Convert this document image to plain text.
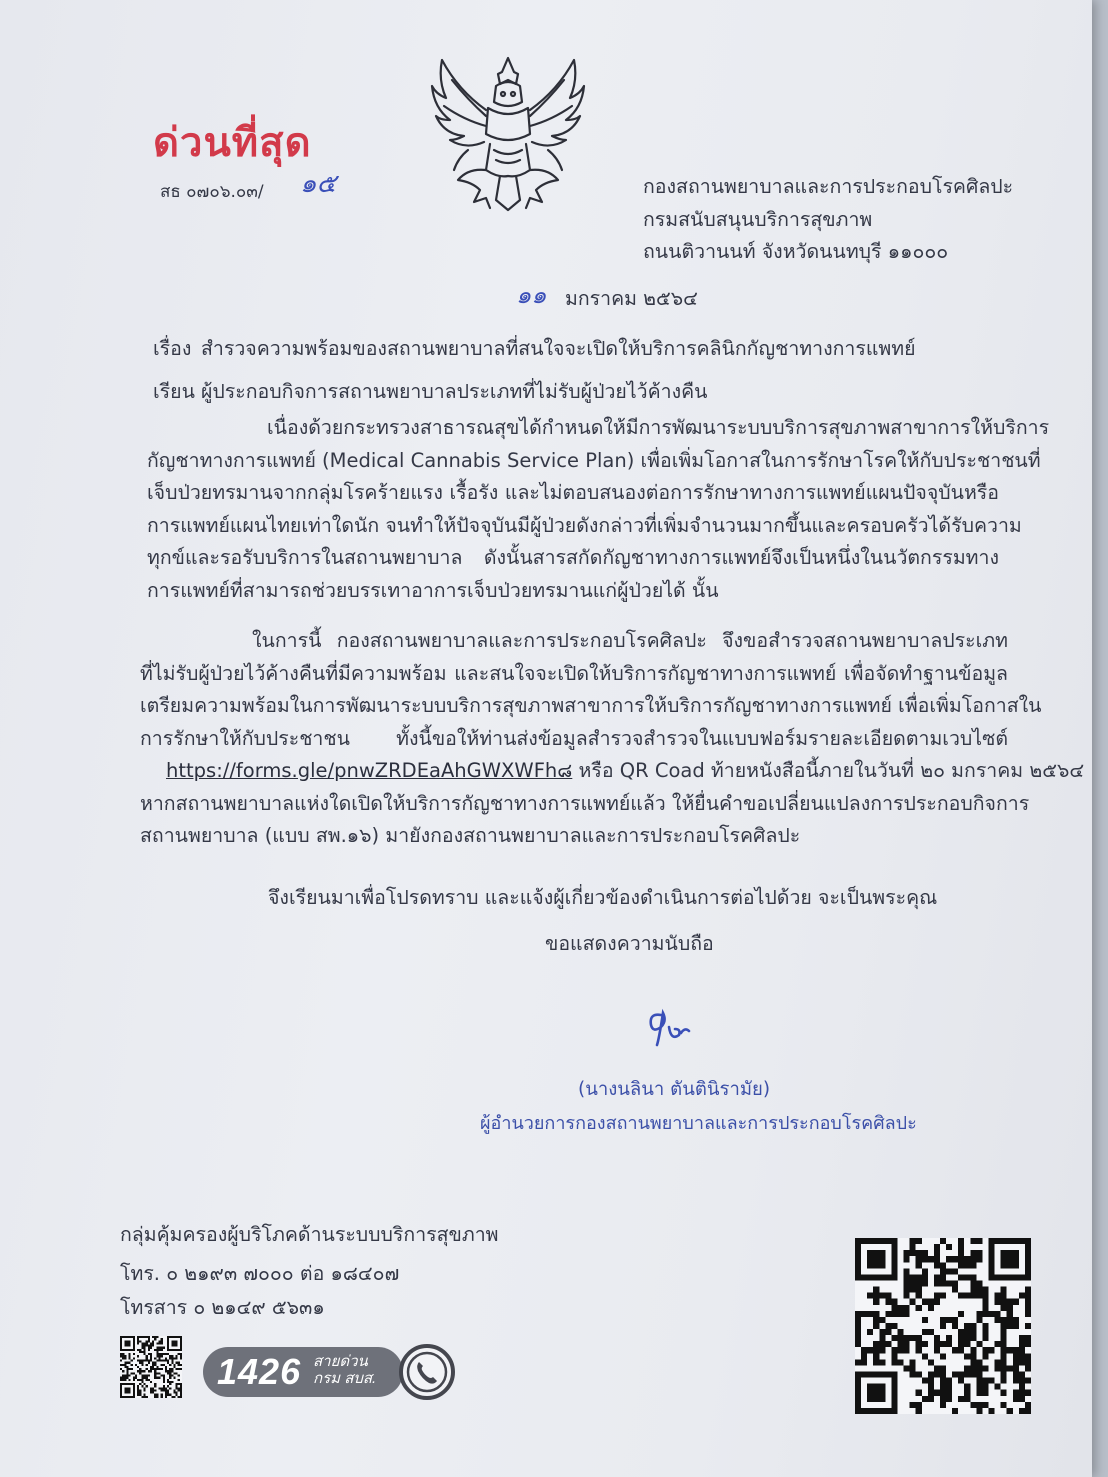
ด่วนที่สุด
สธ ๐๗๐๖.๐๓/ ๑๕	กองสถานพยาบาลและการประกอบโรคศิลปะ
กรมสนับสนุนบริการสุขภาพ
ถนนติวานนท์ จังหวัดนนทบุรี ๑๑๐๐๐
๑๑ มกราคม ๒๕๖๔
เรื่อง สำรวจความพร้อมของสถานพยาบาลที่สนใจจะเปิดให้บริการคลินิกกัญชาทางการแพทย์
เรียน ผู้ประกอบกิจการสถานพยาบาลประเภทที่ไม่รับผู้ป่วยไว้ค้างคืน
เนื่องด้วยกระทรวงสาธารณสุขได้กำหนดให้มีการพัฒนาระบบบริการสุขภาพสาขาการให้บริการ
กัญชาทางการแพทย์ (Medical Cannabis Service Plan) เพื่อเพิ่มโอกาสในการรักษาโรคให้กับประชาชนที่
เจ็บป่วยทรมานจากกลุ่มโรคร้ายแรง เรื้อรัง และไม่ตอบสนองต่อการรักษาทางการแพทย์แผนปัจจุบันหรือ
การแพทย์แผนไทยเท่าใดนัก จนทำให้ปัจจุบันมีผู้ป่วยดังกล่าวที่เพิ่มจำนวนมากขึ้นและครอบครัวได้รับความ
ทุกข์และรอรับบริการในสถานพยาบาล ดังนั้นสารสกัดกัญชาทางการแพทย์จึงเป็นหนึ่งในนวัตกรรมทาง
การแพทย์ที่สามารถช่วยบรรเทาอาการเจ็บป่วยทรมานแก่ผู้ป่วยได้ นั้น
ในการนี้ กองสถานพยาบาลและการประกอบโรคศิลปะ จึงขอสำรวจสถานพยาบาลประเภท
ที่ไม่รับผู้ป่วยไว้ค้างคืนที่มีความพร้อม และสนใจจะเปิดให้บริการกัญชาทางการแพทย์ เพื่อจัดทำฐานข้อมูล
เตรียมความพร้อมในการพัฒนาระบบบริการสุขภาพสาขาการให้บริการกัญชาทางการแพทย์ เพื่อเพิ่มโอกาสใน
การรักษาให้กับประชาชน ทั้งนี้ขอให้ท่านส่งข้อมูลสำรวจสำรวจในแบบฟอร์มรายละเอียดตามเวบไซต์
https://forms.gle/pnwZRDEaAhGWXWFh๘ หรือ QR Coad ท้ายหนังสือนี้ภายในวันที่ ๒๐ มกราคม ๒๕๖๔
หากสถานพยาบาลแห่งใดเปิดให้บริการกัญชาทางการแพทย์แล้ว ให้ยื่นคำขอเปลี่ยนแปลงการประกอบกิจการ
สถานพยาบาล (แบบ สพ.๑๖) มายังกองสถานพยาบาลและการประกอบโรคศิลปะ
จึงเรียนมาเพื่อโปรดทราบ และแจ้งผู้เกี่ยวข้องดำเนินการต่อไปด้วย จะเป็นพระคุณ
ขอแสดงความนับถือ
(นางนลินา ตันตินิรามัย)
ผู้อำนวยการกองสถานพยาบาลและการประกอบโรคศิลปะ
กลุ่มคุ้มครองผู้บริโภคด้านระบบบริการสุขภาพ
โทร. ๐ ๒๑๙๓ ๗๐๐๐ ต่อ ๑๘๔๐๗
โทรสาร ๐ ๒๑๔๙ ๕๖๓๑
1426 สายด่วน
กรม สบส.
